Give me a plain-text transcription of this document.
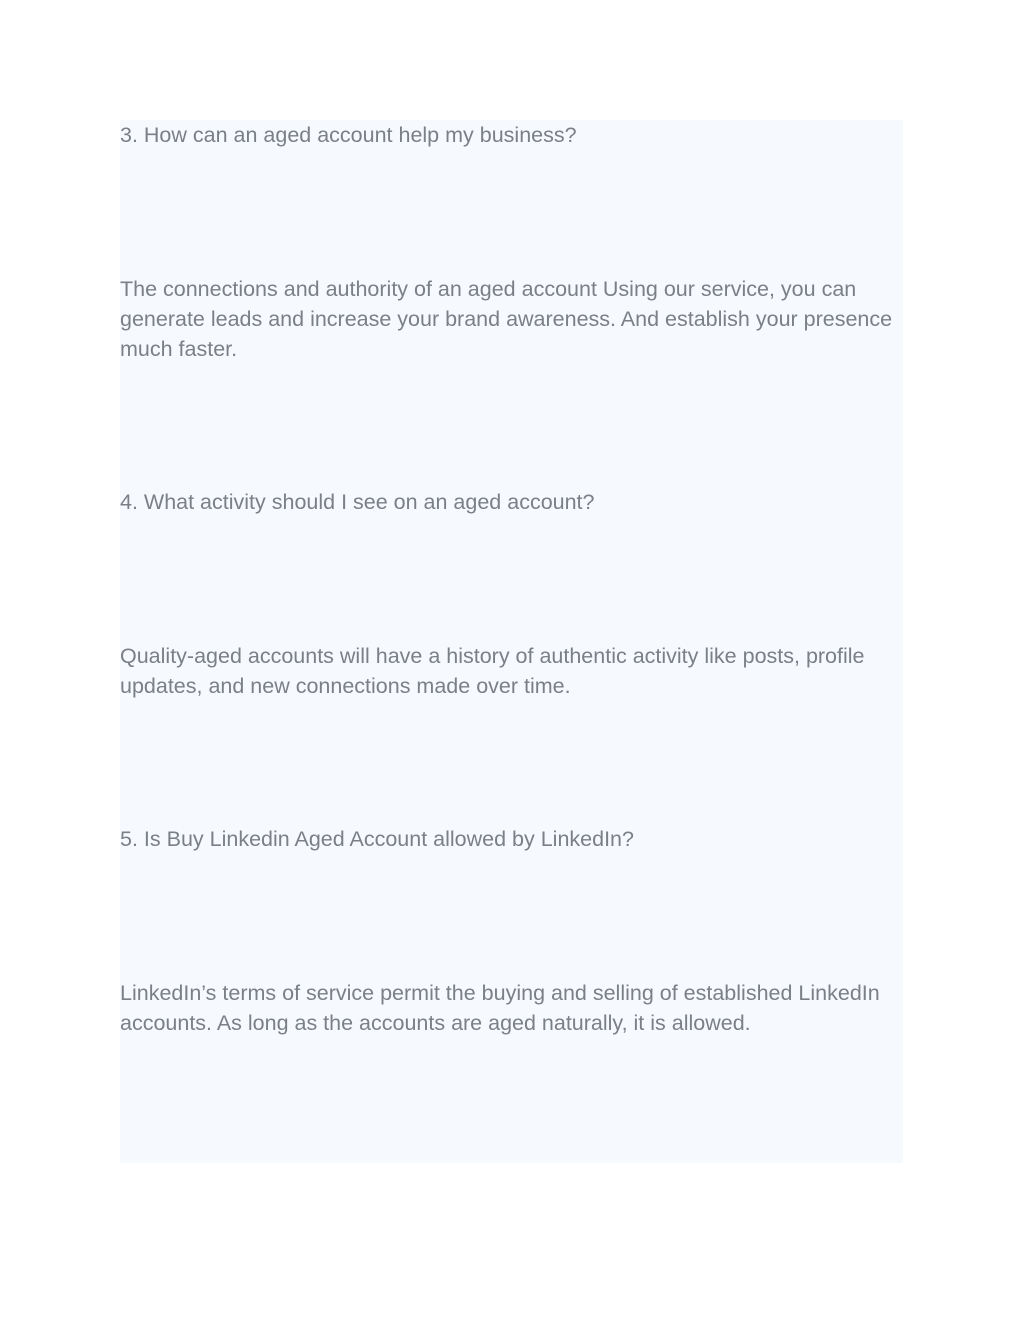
3. How can an aged account help my business?

The connections and authority of an aged account Using our service, you can generate leads and increase your brand awareness. And establish your presence much faster.

4. What activity should I see on an aged account?

Quality-aged accounts will have a history of authentic activity like posts, profile updates, and new connections made over time.

5. Is Buy Linkedin Aged Account allowed by LinkedIn?

LinkedIn’s terms of service permit the buying and selling of established LinkedIn accounts. As long as the accounts are aged naturally, it is allowed.
